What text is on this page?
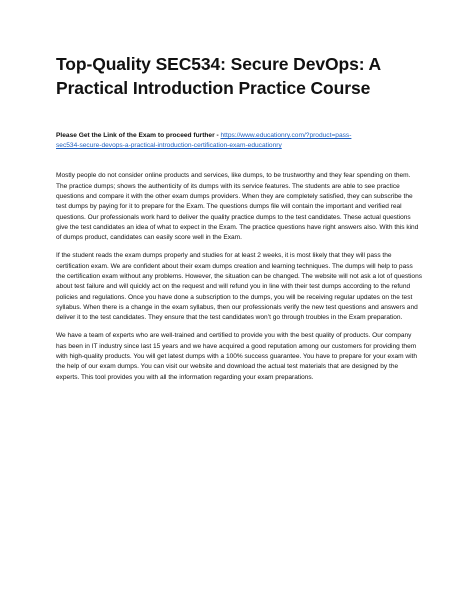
Top-Quality SEC534: Secure DevOps: A
Practical Introduction Practice Course
Please Get the Link of the Exam to proceed further - https://www.educationry.com/?product=pass-
sec534-secure-devops-a-practical-introduction-certification-exam-educationry

Mostly people do not consider online products and services, like dumps, to be trustworthy and they fear spending on them. The practice dumps; shows the authenticity of its dumps with its service features. The students are able to see practice questions and compare it with the other exam dumps providers. When they are completely satisfied, they can subscribe the test dumps by paying for it to prepare for the Exam. The questions dumps file will contain the important and verified real questions. Our professionals work hard to deliver the quality practice dumps to the test candidates. These actual questions give the test candidates an idea of what to expect in the Exam. The practice questions have right answers also. With this kind of dumps product, candidates can easily score well in the Exam.

If the student reads the exam dumps properly and studies for at least 2 weeks, it is most likely that they will pass the certification exam. We are confident about their exam dumps creation and learning techniques. The dumps will help to pass the certification exam without any problems. However, the situation can be changed. The website will not ask a lot of questions about test failure and will quickly act on the request and will refund you in line with their test dumps according to the refund policies and regulations. Once you have done a subscription to the dumps, you will be receiving regular updates on the test syllabus. When there is a change in the exam syllabus, then our professionals verify the new test questions and answers and deliver it to the test candidates. They ensure that the test candidates won’t go through troubles in the Exam preparation.

We have a team of experts who are well-trained and certified to provide you with the best quality of products. Our company has been in IT industry since last 15 years and we have acquired a good reputation among our customers for providing them with high-quality products. You will get latest dumps with a 100% success guarantee. You have to prepare for your exam with the help of our exam dumps. You can visit our website and download the actual test materials that are designed by the experts. This tool provides you with all the information regarding your exam preparations.
